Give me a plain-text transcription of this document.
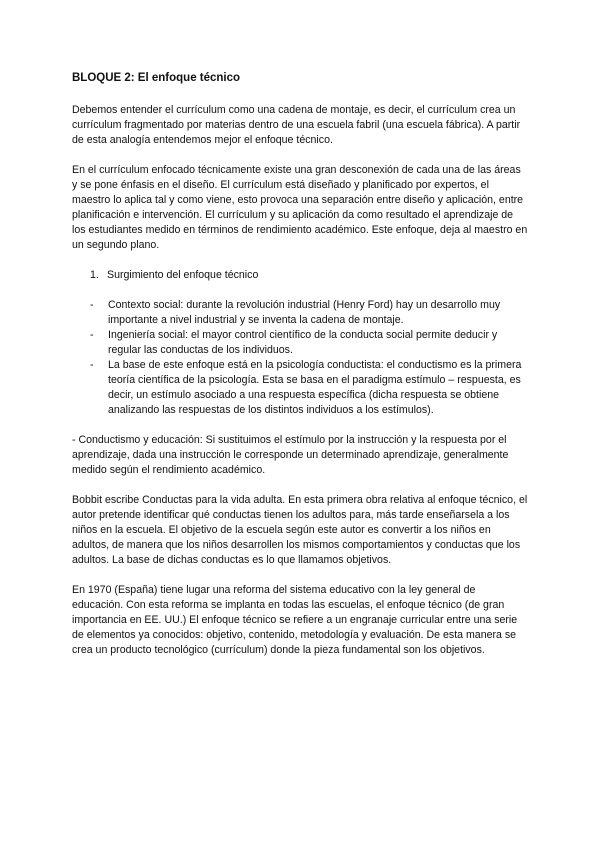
BLOQUE 2: El enfoque técnico

Debemos entender el currículum como una cadena de montaje, es decir, el currículum crea un currículum fragmentado por materias dentro de una escuela fabril (una escuela fábrica). A partir de esta analogía entendemos mejor el enfoque técnico.

En el currículum enfocado técnicamente existe una gran desconexión de cada una de las áreas y se pone énfasis en el diseño. El currículum está diseñado y planificado por expertos, el maestro lo aplica tal y como viene, esto provoca una separación entre diseño y aplicación, entre planificación e intervención. El currículum y su aplicación da como resultado el aprendizaje de los estudiantes medido en términos de rendimiento académico. Este enfoque, deja al maestro en un segundo plano.

1. Surgimiento del enfoque técnico
-	Contexto social: durante la revolución industrial (Henry Ford) hay un desarrollo muy importante a nivel industrial y se inventa la cadena de montaje.
-	Ingeniería social: el mayor control científico de la conducta social permite deducir y regular las conductas de los individuos.
-	La base de este enfoque está en la psicología conductista: el conductismo es la primera teoría científica de la psicología. Esta se basa en el paradigma estímulo – respuesta, es decir, un estímulo asociado a una respuesta específica (dicha respuesta se obtiene analizando las respuestas de los distintos individuos a los estímulos).

- Conductismo y educación: Si sustituimos el estímulo por la instrucción y la respuesta por el aprendizaje, dada una instrucción le corresponde un determinado aprendizaje, generalmente medido según el rendimiento académico.

Bobbit escribe Conductas para la vida adulta. En esta primera obra relativa al enfoque técnico, el autor pretende identificar qué conductas tienen los adultos para, más tarde enseñarsela a los niños en la escuela. El objetivo de la escuela según este autor es convertir a los niños en adultos, de manera que los niños desarrollen los mismos comportamientos y conductas que los adultos. La base de dichas conductas es lo que llamamos objetivos.

En 1970 (España) tiene lugar una reforma del sistema educativo con la ley general de educación. Con esta reforma se implanta en todas las escuelas, el enfoque técnico (de gran importancia en EE. UU.) El enfoque técnico se refiere a un engranaje curricular entre una serie de elementos ya conocidos: objetivo, contenido, metodología y evaluación. De esta manera se crea un producto tecnológico (currículum) donde la pieza fundamental son los objetivos.
